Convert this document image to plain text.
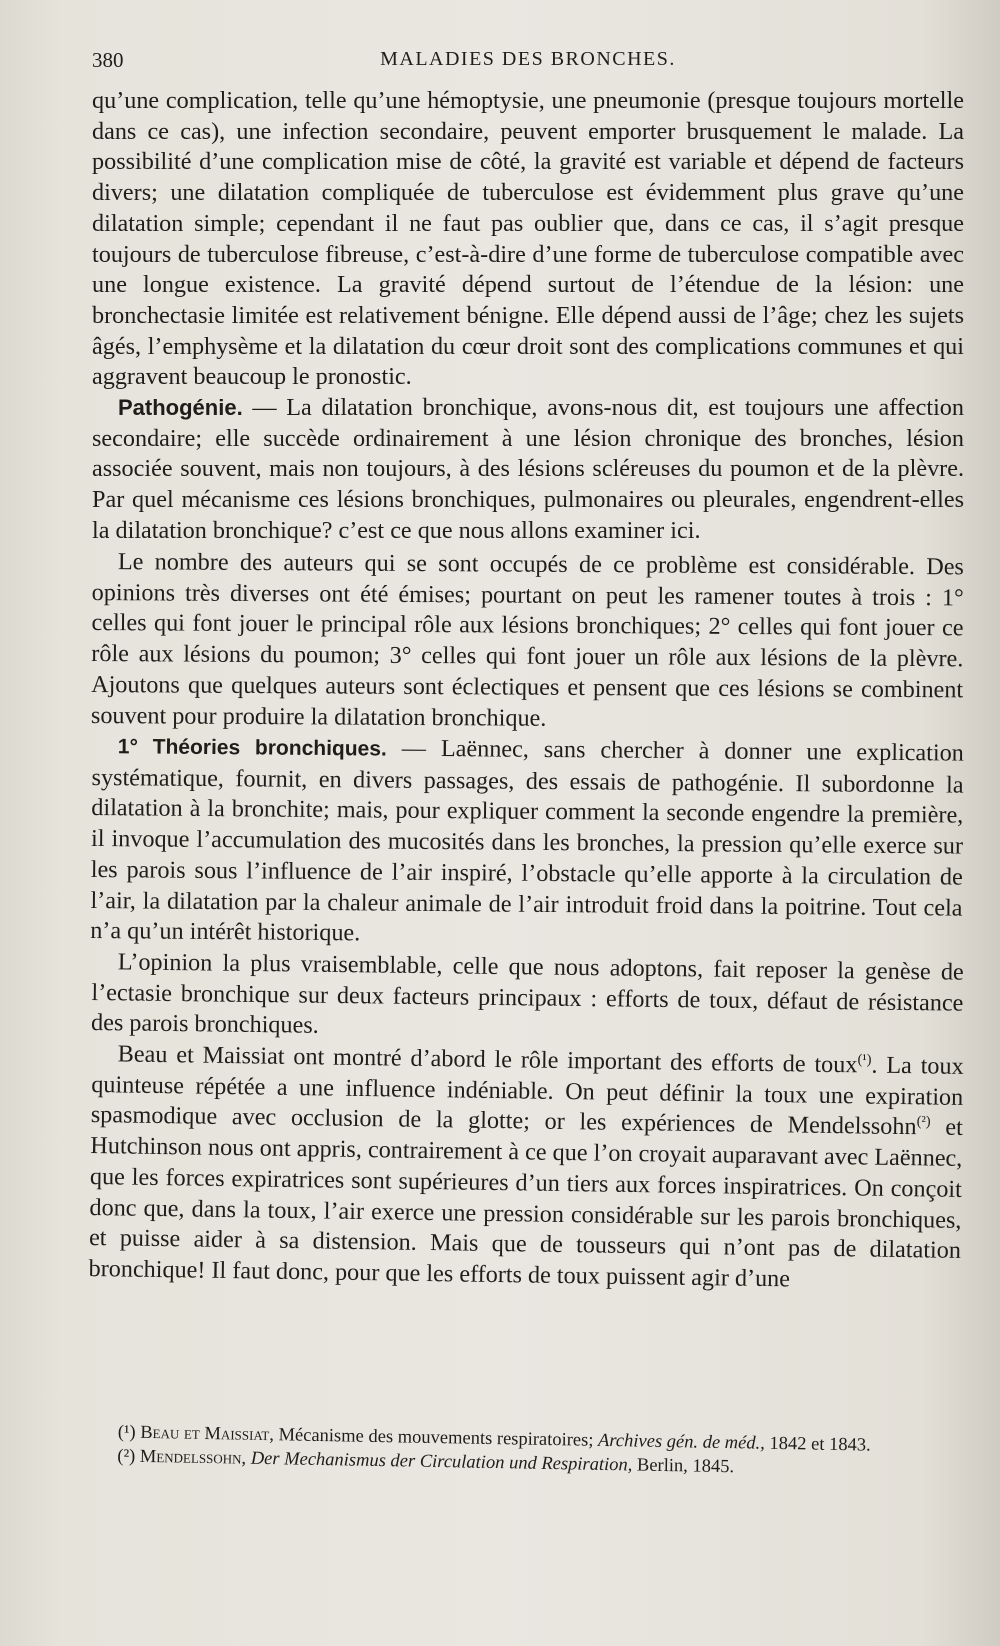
380	MALADIES DES BRONCHES.

qu’une complication, telle qu’une hémoptysie, une pneumonie (presque toujours mortelle dans ce cas), une infection secondaire, peuvent emporter brusquement le malade. La possibilité d’une complication mise de côté, la gravité est variable et dépend de facteurs divers; une dilatation compliquée de tuberculose est évidemment plus grave qu’une dilatation simple; cependant il ne faut pas oublier que, dans ce cas, il s’agit presque toujours de tuberculose fibreuse, c’est-à-dire d’une forme de tuberculose compatible avec une longue existence. La gravité dépend surtout de l’étendue de la lésion: une bronchectasie limitée est relativement bénigne. Elle dépend aussi de l’âge; chez les sujets âgés, l’emphysème et la dilatation du cœur droit sont des complications communes et qui aggravent beaucoup le pronostic.

Pathogénie. — La dilatation bronchique, avons-nous dit, est toujours une affection secondaire; elle succède ordinairement à une lésion chronique des bronches, lésion associée souvent, mais non toujours, à des lésions scléreuses du poumon et de la plèvre. Par quel mécanisme ces lésions bronchiques, pulmonaires ou pleurales, engendrent-elles la dilatation bronchique? c’est ce que nous allons examiner ici.

Le nombre des auteurs qui se sont occupés de ce problème est considérable. Des opinions très diverses ont été émises; pourtant on peut les ramener toutes à trois : 1° celles qui font jouer le principal rôle aux lésions bronchiques; 2° celles qui font jouer ce rôle aux lésions du poumon; 3° celles qui font jouer un rôle aux lésions de la plèvre. Ajoutons que quelques auteurs sont éclectiques et pensent que ces lésions se combinent souvent pour produire la dilatation bronchique.

1° Théories bronchiques. — Laënnec, sans chercher à donner une explication systématique, fournit, en divers passages, des essais de pathogénie. Il subordonne la dilatation à la bronchite; mais, pour expliquer comment la seconde engendre la première, il invoque l’accumulation des mucosités dans les bronches, la pression qu’elle exerce sur les parois sous l’influence de l’air inspiré, l’obstacle qu’elle apporte à la circulation de l’air, la dilatation par la chaleur animale de l’air introduit froid dans la poitrine. Tout cela n’a qu’un intérêt historique.

L’opinion la plus vraisemblable, celle que nous adoptons, fait reposer la genèse de l’ectasie bronchique sur deux facteurs principaux : efforts de toux, défaut de résistance des parois bronchiques.

Beau et Maissiat ont montré d’abord le rôle important des efforts de toux$^{(^1)}$. La toux quinteuse répétée a une influence indéniable. On peut définir la toux une expiration spasmodique avec occlusion de la glotte; or les expériences de Mendelssohn$^{(^2)}$ et Hutchinson nous ont appris, contrairement à ce que l’on croyait auparavant avec Laënnec, que les forces expiratrices sont supérieures d’un tiers aux forces inspiratrices. On conçoit donc que, dans la toux, l’air exerce une pression considérable sur les parois bronchiques, et puisse aider à sa distension. Mais que de tousseurs qui n’ont pas de dilatation bronchique! Il faut donc, pour que les efforts de toux puissent agir d’une

(¹) Beau et Maissiat, Mécanisme des mouvements respiratoires; Archives gén. de méd., 1842 et 1843.

(²) Mendelssohn, Der Mechanismus der Circulation und Respiration, Berlin, 1845.
